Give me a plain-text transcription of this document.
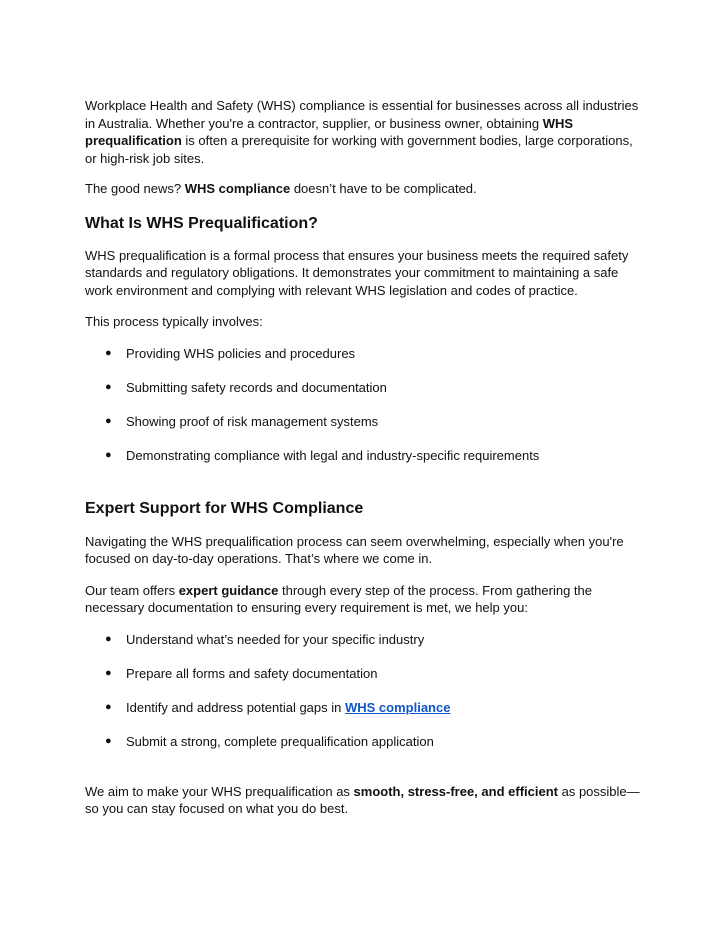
Workplace Health and Safety (WHS) compliance is essential for businesses across all industries in Australia. Whether you're a contractor, supplier, or business owner, obtaining WHS prequalification is often a prerequisite for working with government bodies, large corporations, or high-risk job sites.

The good news? WHS compliance doesn’t have to be complicated.

What Is WHS Prequalification?

WHS prequalification is a formal process that ensures your business meets the required safety standards and regulatory obligations. It demonstrates your commitment to maintaining a safe work environment and complying with relevant WHS legislation and codes of practice.

This process typically involves:

● Providing WHS policies and procedures
● Submitting safety records and documentation
● Showing proof of risk management systems
● Demonstrating compliance with legal and industry-specific requirements
Expert Support for WHS Compliance

Navigating the WHS prequalification process can seem overwhelming, especially when you're focused on day-to-day operations. That’s where we come in.

Our team offers expert guidance through every step of the process. From gathering the necessary documentation to ensuring every requirement is met, we help you:

● Understand what’s needed for your specific industry
● Prepare all forms and safety documentation
● Identify and address potential gaps in WHS compliance
● Submit a strong, complete prequalification application

We aim to make your WHS prequalification as smooth, stress-free, and efficient as possible—so you can stay focused on what you do best.
